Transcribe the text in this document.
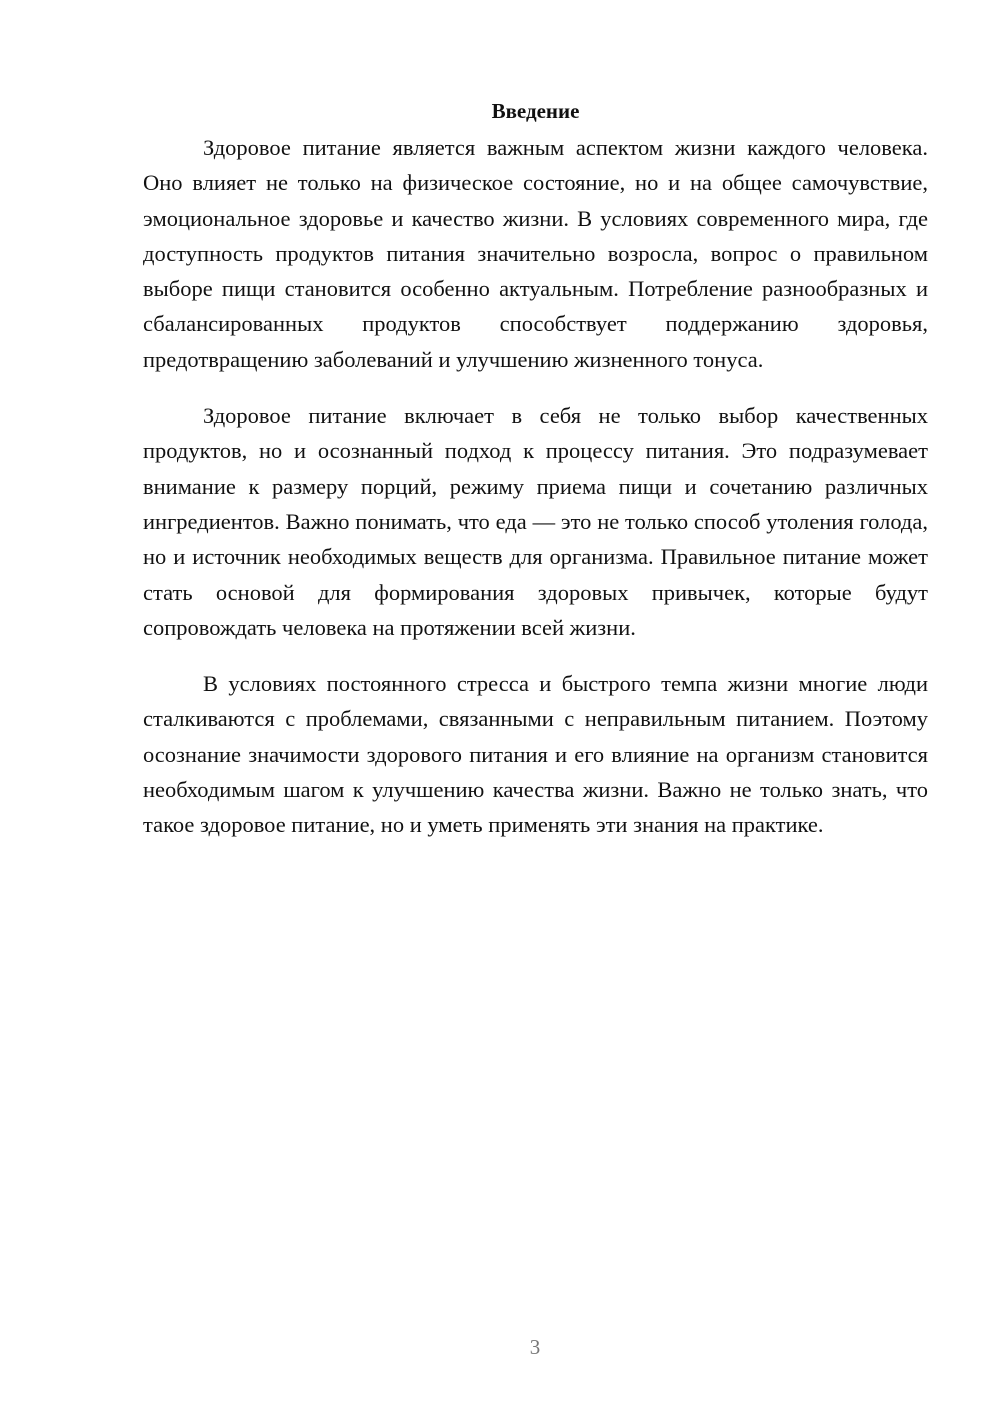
Введение

Здоровое питание является важным аспектом жизни каждого человека. Оно влияет не только на физическое состояние, но и на общее самочувствие, эмоциональное здоровье и качество жизни. В условиях современного мира, где доступность продуктов питания значительно возросла, вопрос о правильном выборе пищи становится особенно актуальным. Потребление разнообразных и сбалансированных продуктов способствует поддержанию здоровья, предотвращению заболеваний и улучшению жизненного тонуса.

Здоровое питание включает в себя не только выбор качественных продуктов, но и осознанный подход к процессу питания. Это подразумевает внимание к размеру порций, режиму приема пищи и сочетанию различных ингредиентов. Важно понимать, что еда — это не только способ утоления голода, но и источник необходимых веществ для организма. Правильное питание может стать основой для формирования здоровых привычек, которые будут сопровождать человека на протяжении всей жизни.

В условиях постоянного стресса и быстрого темпа жизни многие люди сталкиваются с проблемами, связанными с неправильным питанием. Поэтому осознание значимости здорового питания и его влияние на организм становится необходимым шагом к улучшению качества жизни. Важно не только знать, что такое здоровое питание, но и уметь применять эти знания на практике.

3
